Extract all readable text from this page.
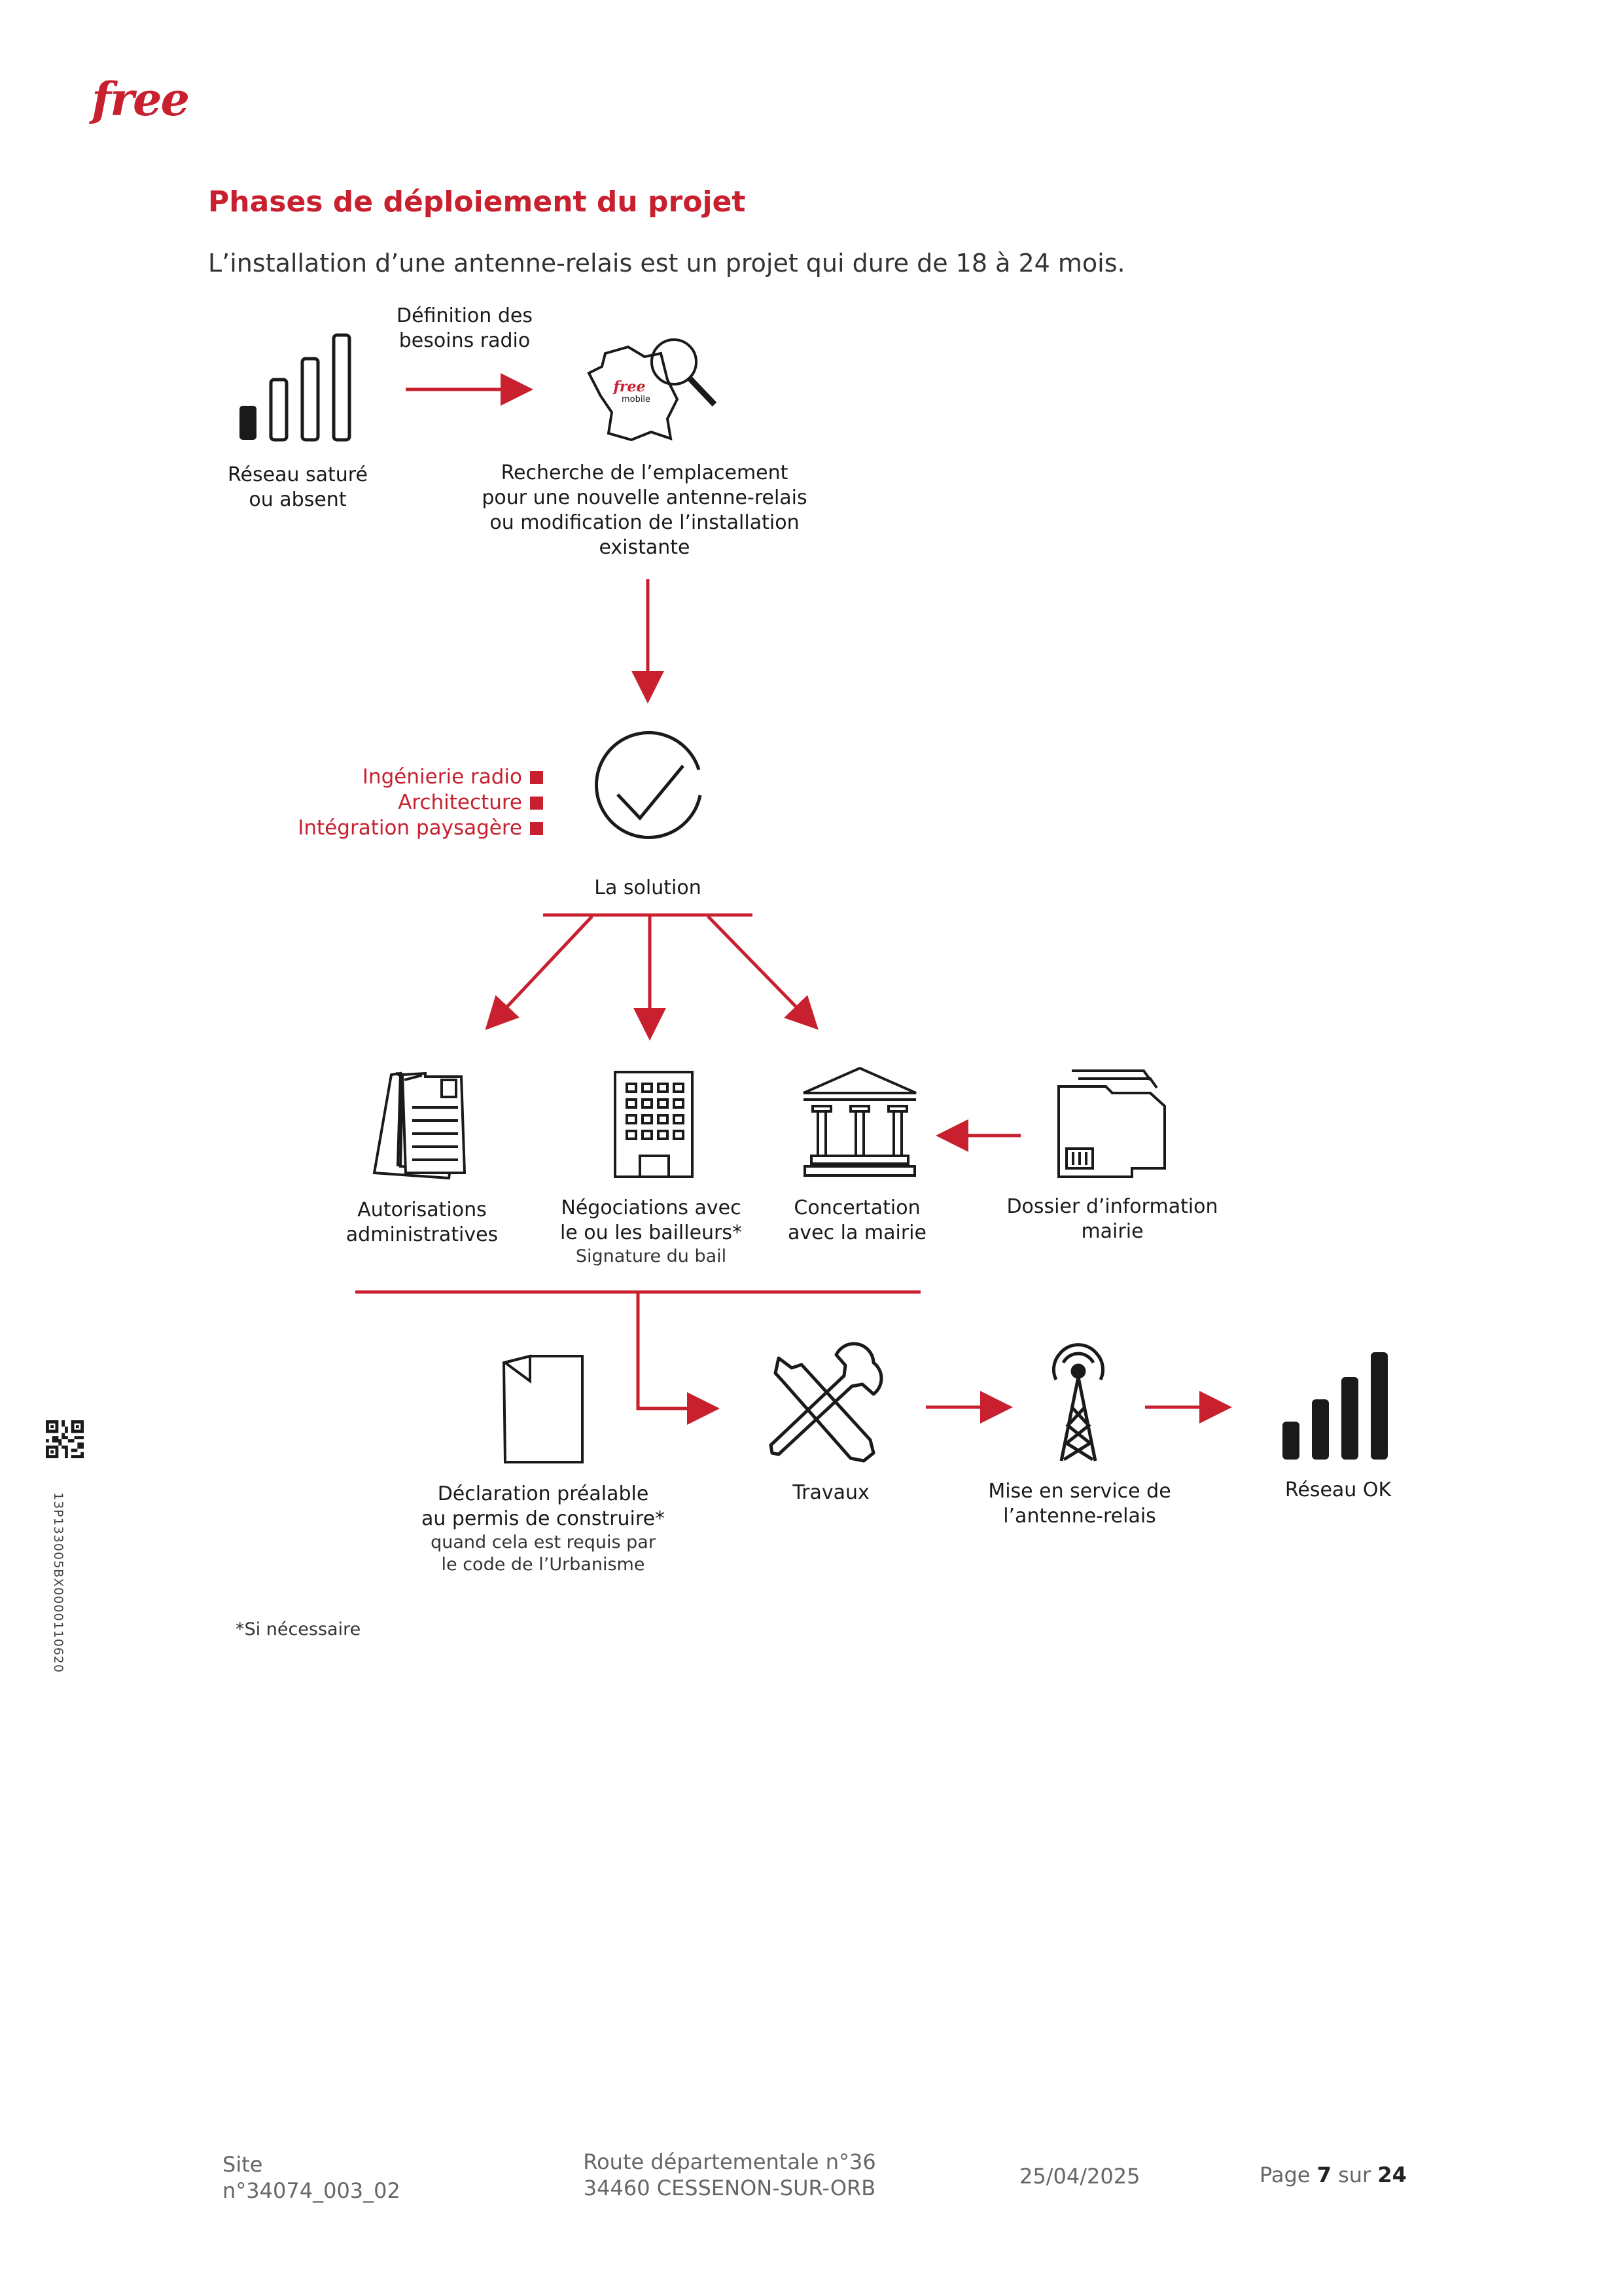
free
Phases de déploiement du projet
L’installation d’une antenne-relais est un projet qui dure de 18 à 24 mois.
free
mobile
Réseau saturé
ou absent
Définition des
besoins radio
Recherche de l’emplacement
pour une nouvelle antenne-relais
ou modification de l’installation
existante
Ingénierie radio
Architecture
Intégration paysagère
La solution
Autorisations
administratives
Négociations avec
le ou les bailleurs*
Signature du bail
Concertation
avec la mairie
Dossier d’information
mairie
Déclaration préalable
au permis de construire*
quand cela est requis par
le code de l’Urbanisme
Travaux	Mise en service de
l’antenne-relais
Réseau OK
*Si nécessaire
13P133005BX0000110620
Site
n°34074_003_02
Route départementale n°36
34460 CESSENON-SUR-ORB	25/04/2025	Page 7 sur 24
